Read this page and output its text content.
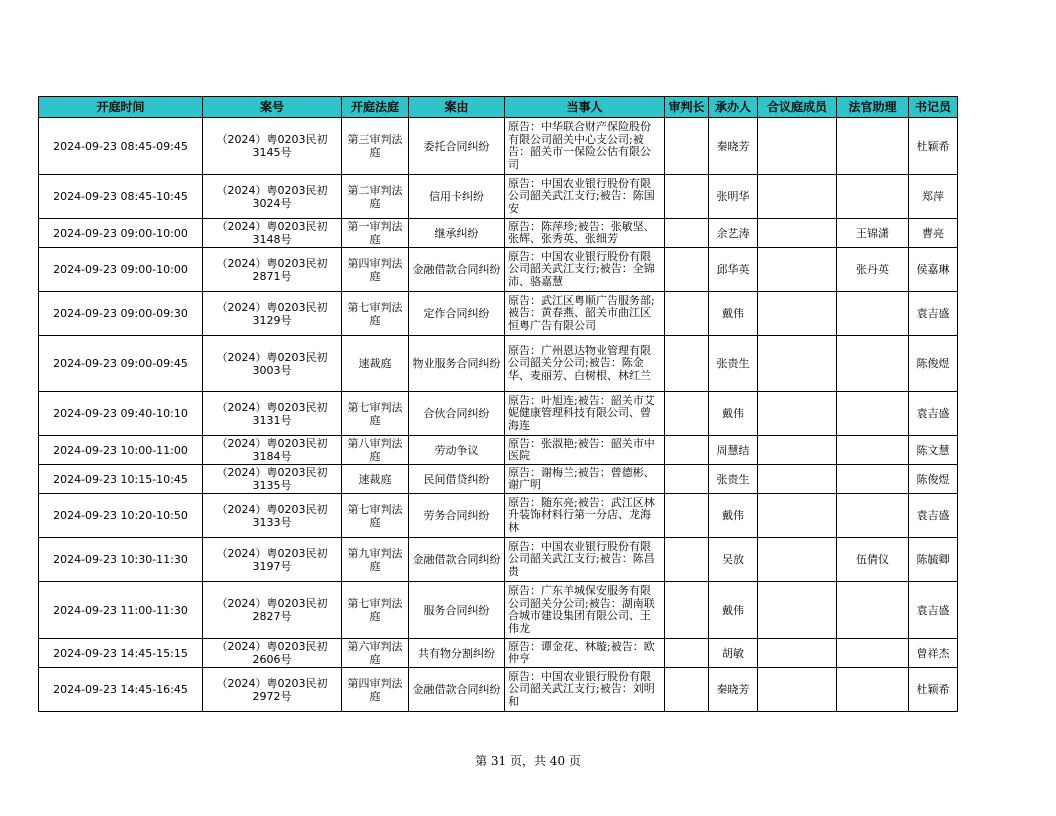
开庭时间	案号	开庭法庭	案由	当事人	审判长	承办人	合议庭成员	法官助理	书记员
2024-09-23 08:45-09:45	（2024）粤0203民初3145号	第三审判法庭	委托合同纠纷	原告：中华联合财产保险股份有限公司韶关中心支公司;被告：韶关市一保险公估有限公司		秦晓芳			杜颖希
2024-09-23 08:45-10:45	（2024）粤0203民初3024号	第二审判法庭	信用卡纠纷	原告：中国农业银行股份有限公司韶关武江支行;被告：陈国安		张明华			郑萍
2024-09-23 09:00-10:00	（2024）粤0203民初3148号	第一审判法庭	继承纠纷	原告：陈萍珍;被告：张敏坚、张辉、张秀英、张细芳		余艺涛		王锦潇	曹亮
2024-09-23 09:00-10:00	（2024）粤0203民初2871号	第四审判法庭	金融借款合同纠纷	原告：中国农业银行股份有限公司韶关武江支行;被告：全锦沛、骆嘉慧		邱华英		张丹英	侯嘉琳
2024-09-23 09:00-09:30	（2024）粤0203民初3129号	第七审判法庭	定作合同纠纷	原告：武江区粤顺广告服务部;被告：黄春燕、韶关市曲江区恒粤广告有限公司		戴伟			袁吉盛
2024-09-23 09:00-09:45	（2024）粤0203民初3003号	速裁庭	物业服务合同纠纷	原告：广州恩达物业管理有限公司韶关分公司;被告：陈金华、麦丽芳、白树根、林红兰		张贵生			陈俊煜
2024-09-23 09:40-10:10	（2024）粤0203民初3131号	第七审判法庭	合伙合同纠纷	原告：叶旭连;被告：韶关市艾妮健康管理科技有限公司、曾海连		戴伟			袁吉盛
2024-09-23 10:00-11:00	（2024）粤0203民初3184号	第八审判法庭	劳动争议	原告：张淑艳;被告：韶关市中医院		周慧结			陈文慧
2024-09-23 10:15-10:45	（2024）粤0203民初3135号	速裁庭	民间借贷纠纷	原告：谢梅兰;被告：曾德彬、谢广明		张贵生			陈俊煜
2024-09-23 10:20-10:50	（2024）粤0203民初3133号	第七审判法庭	劳务合同纠纷	原告：随东亮;被告：武江区林升装饰材料行第一分店、龙海林		戴伟			袁吉盛
2024-09-23 10:30-11:30	（2024）粤0203民初3197号	第九审判法庭	金融借款合同纠纷	原告：中国农业银行股份有限公司韶关武江支行;被告：陈昌贵		吴放		伍倩仪	陈毓卿
2024-09-23 11:00-11:30	（2024）粤0203民初2827号	第七审判法庭	服务合同纠纷	原告：广东羊城保安服务有限公司韶关分公司;被告：湖南联合城市建设集团有限公司、王伟龙		戴伟			袁吉盛
2024-09-23 14:45-15:15	（2024）粤0203民初2606号	第六审判法庭	共有物分割纠纷	原告：谭金花、林璇;被告：欧仲亨		胡敏			曾祥杰
2024-09-23 14:45-16:45	（2024）粤0203民初2972号	第四审判法庭	金融借款合同纠纷	原告：中国农业银行股份有限公司韶关武江支行;被告：刘明和		秦晓芳			杜颖希
第 31 页，共 40 页
